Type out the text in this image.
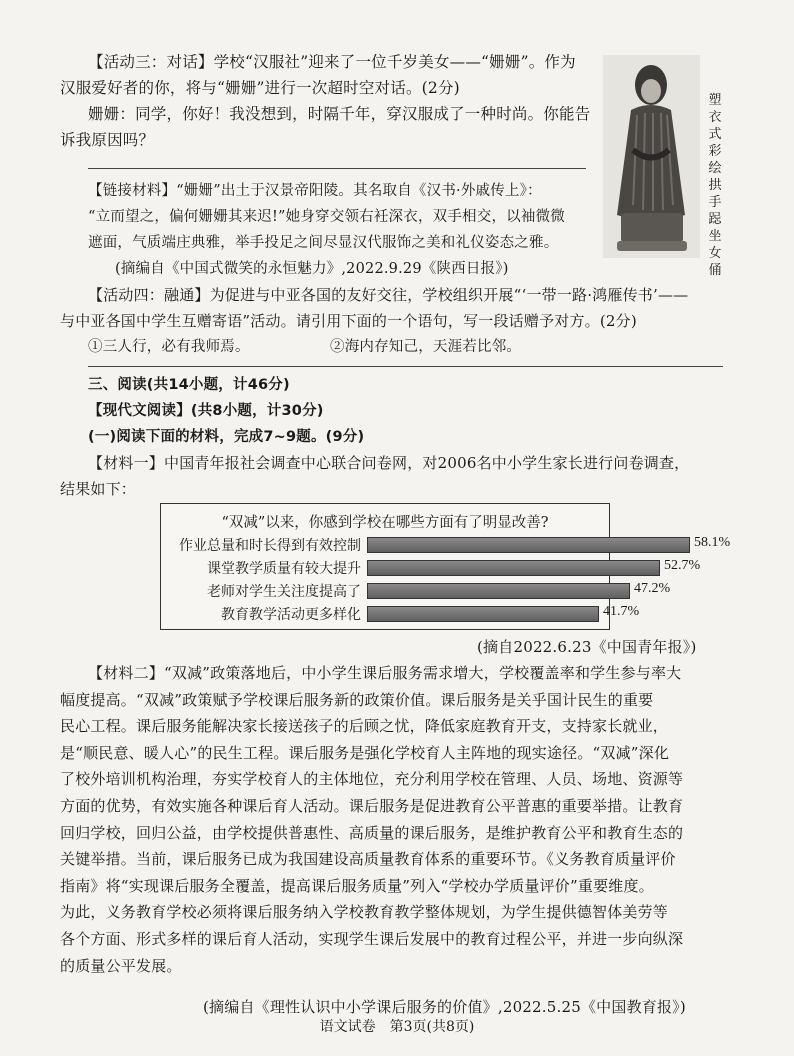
【活动三：对话】学校“汉服社”迎来了一位千岁美女——“姗姗”。作为
汉服爱好者的你，将与“姗姗”进行一次超时空对话。(2分)
姗姗：同学，你好！我没想到，时隔千年，穿汉服成了一种时尚。你能告
诉我原因吗？
塑衣式彩绘拱手跽坐女俑
【链接材料】“姗姗”出土于汉景帝阳陵。其名取自《汉书·外戚传上》：
“立而望之，偏何姗姗其来迟!”她身穿交领右衽深衣，双手相交，以袖微微
遮面，气质端庄典雅，举手投足之间尽显汉代服饰之美和礼仪姿态之雅。
(摘编自《中国式微笑的永恒魅力》,2022.9.29《陕西日报》)
【活动四：融通】为促进与中亚各国的友好交往，学校组织开展“‘一带一路·鸿雁传书’——
与中亚各国中学生互赠寄语”活动。请引用下面的一个语句，写一段话赠予对方。(2分)
①三人行，必有我师焉。	②海内存知己，天涯若比邻。
三、阅读(共14小题，计46分)
【现代文阅读】(共8小题，计30分)
(一)阅读下面的材料，完成7~9题。(9分)
【材料一】中国青年报社会调查中心联合问卷网，对2006名中小学生家长进行问卷调查，
结果如下：
“双减”以来，你感到学校在哪些方面有了明显改善?
作业总量和时长得到有效控制	58.1%
课堂教学质量有较大提升	52.7%
老师对学生关注度提高了	47.2%
教育教学活动更多样化	41.7%
(摘自2022.6.23《中国青年报》)
【材料二】“双减”政策落地后，中小学生课后服务需求增大，学校覆盖率和学生参与率大
幅度提高。“双减”政策赋予学校课后服务新的政策价值。课后服务是关乎国计民生的重要
民心工程。课后服务能解决家长接送孩子的后顾之忧，降低家庭教育开支，支持家长就业，
是“顺民意、暖人心”的民生工程。课后服务是强化学校育人主阵地的现实途径。“双减”深化
了校外培训机构治理，夯实学校育人的主体地位，充分利用学校在管理、人员、场地、资源等
方面的优势，有效实施各种课后育人活动。课后服务是促进教育公平普惠的重要举措。让教育
回归学校，回归公益，由学校提供普惠性、高质量的课后服务，是维护教育公平和教育生态的
关键举措。当前，课后服务已成为我国建设高质量教育体系的重要环节。《义务教育质量评价
指南》将“实现课后服务全覆盖，提高课后服务质量”列入“学校办学质量评价”重要维度。
为此，义务教育学校必须将课后服务纳入学校教育教学整体规划，为学生提供德智体美劳等
各个方面、形式多样的课后育人活动，实现学生课后发展中的教育过程公平，并进一步向纵深
的质量公平发展。
(摘编自《理性认识中小学课后服务的价值》,2022.5.25《中国教育报》)
语文试卷　第3页(共8页)
